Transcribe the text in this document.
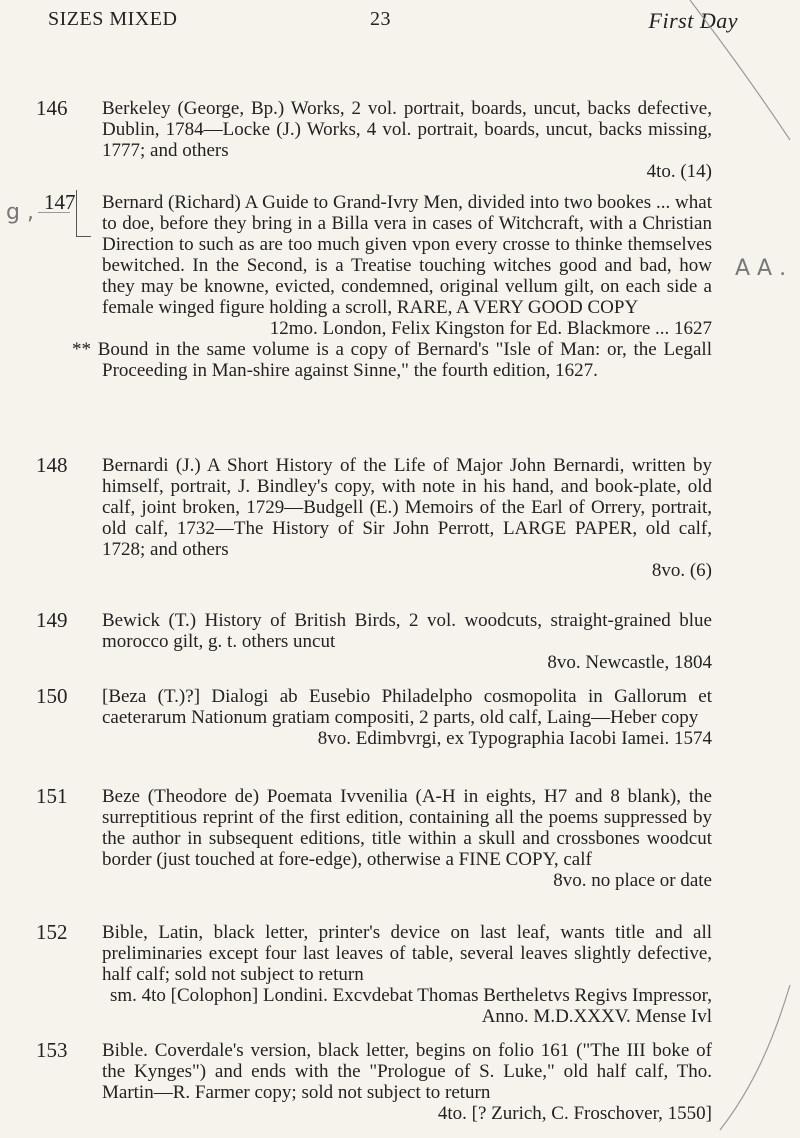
SIZES MIXED	23	First Day
g ,
A A .
146	Berkeley (George, Bp.) Works, 2 vol. portrait, boards, uncut, backs defective, Dublin, 1784—Locke (J.) Works, 4 vol. portrait, boards, uncut, backs missing, 1777; and others
4to. (14)
147	Bernard (Richard) A Guide to Grand-Ivry Men, divided into two bookes ... what to doe, before they bring in a Billa vera in cases of Witchcraft, with a Christian Direction to such as are too much given vpon every crosse to thinke themselves bewitched. In the Second, is a Treatise touching witches good and bad, how they may be knowne, evicted, condemned, original vellum gilt, on each side a female winged figure holding a scroll, RARE, A VERY GOOD COPY
12mo. London, Felix Kingston for Ed. Blackmore ... 1627
** Bound in the same volume is a copy of Bernard's "Isle of Man: or, the Legall Proceeding in Man-shire against Sinne," the fourth edition, 1627.
148	Bernardi (J.) A Short History of the Life of Major John Bernardi, written by himself, portrait, J. Bindley's copy, with note in his hand, and book-plate, old calf, joint broken, 1729—Budgell (E.) Memoirs of the Earl of Orrery, portrait, old calf, 1732—The History of Sir John Perrott, LARGE PAPER, old calf, 1728; and others
8vo. (6)
149	Bewick (T.) History of British Birds, 2 vol. woodcuts, straight-grained blue morocco gilt, g. t. others uncut
8vo. Newcastle, 1804
150	[Beza (T.)?] Dialogi ab Eusebio Philadelpho cosmopolita in Gallorum et caeterarum Nationum gratiam compositi, 2 parts, old calf, Laing—Heber copy
8vo. Edimbvrgi, ex Typographia Iacobi Iamei. 1574
151	Beze (Theodore de) Poemata Ivvenilia (A-H in eights, H7 and 8 blank), the surreptitious reprint of the first edition, containing all the poems suppressed by the author in subsequent editions, title within a skull and crossbones woodcut border (just touched at fore-edge), otherwise a FINE COPY, calf
8vo. no place or date
152	Bible, Latin, black letter, printer's device on last leaf, wants title and all preliminaries except four last leaves of table, several leaves slightly defective, half calf; sold not subject to return
sm. 4to [Colophon] Londini. Excvdebat Thomas Bertheletvs Regivs Impressor, Anno. M.D.XXXV. Mense Ivl
153	Bible. Coverdale's version, black letter, begins on folio 161 ("The III boke of the Kynges") and ends with the "Prologue of S. Luke," old half calf, Tho. Martin—R. Farmer copy; sold not subject to return
4to. [? Zurich, C. Froschover, 1550]
